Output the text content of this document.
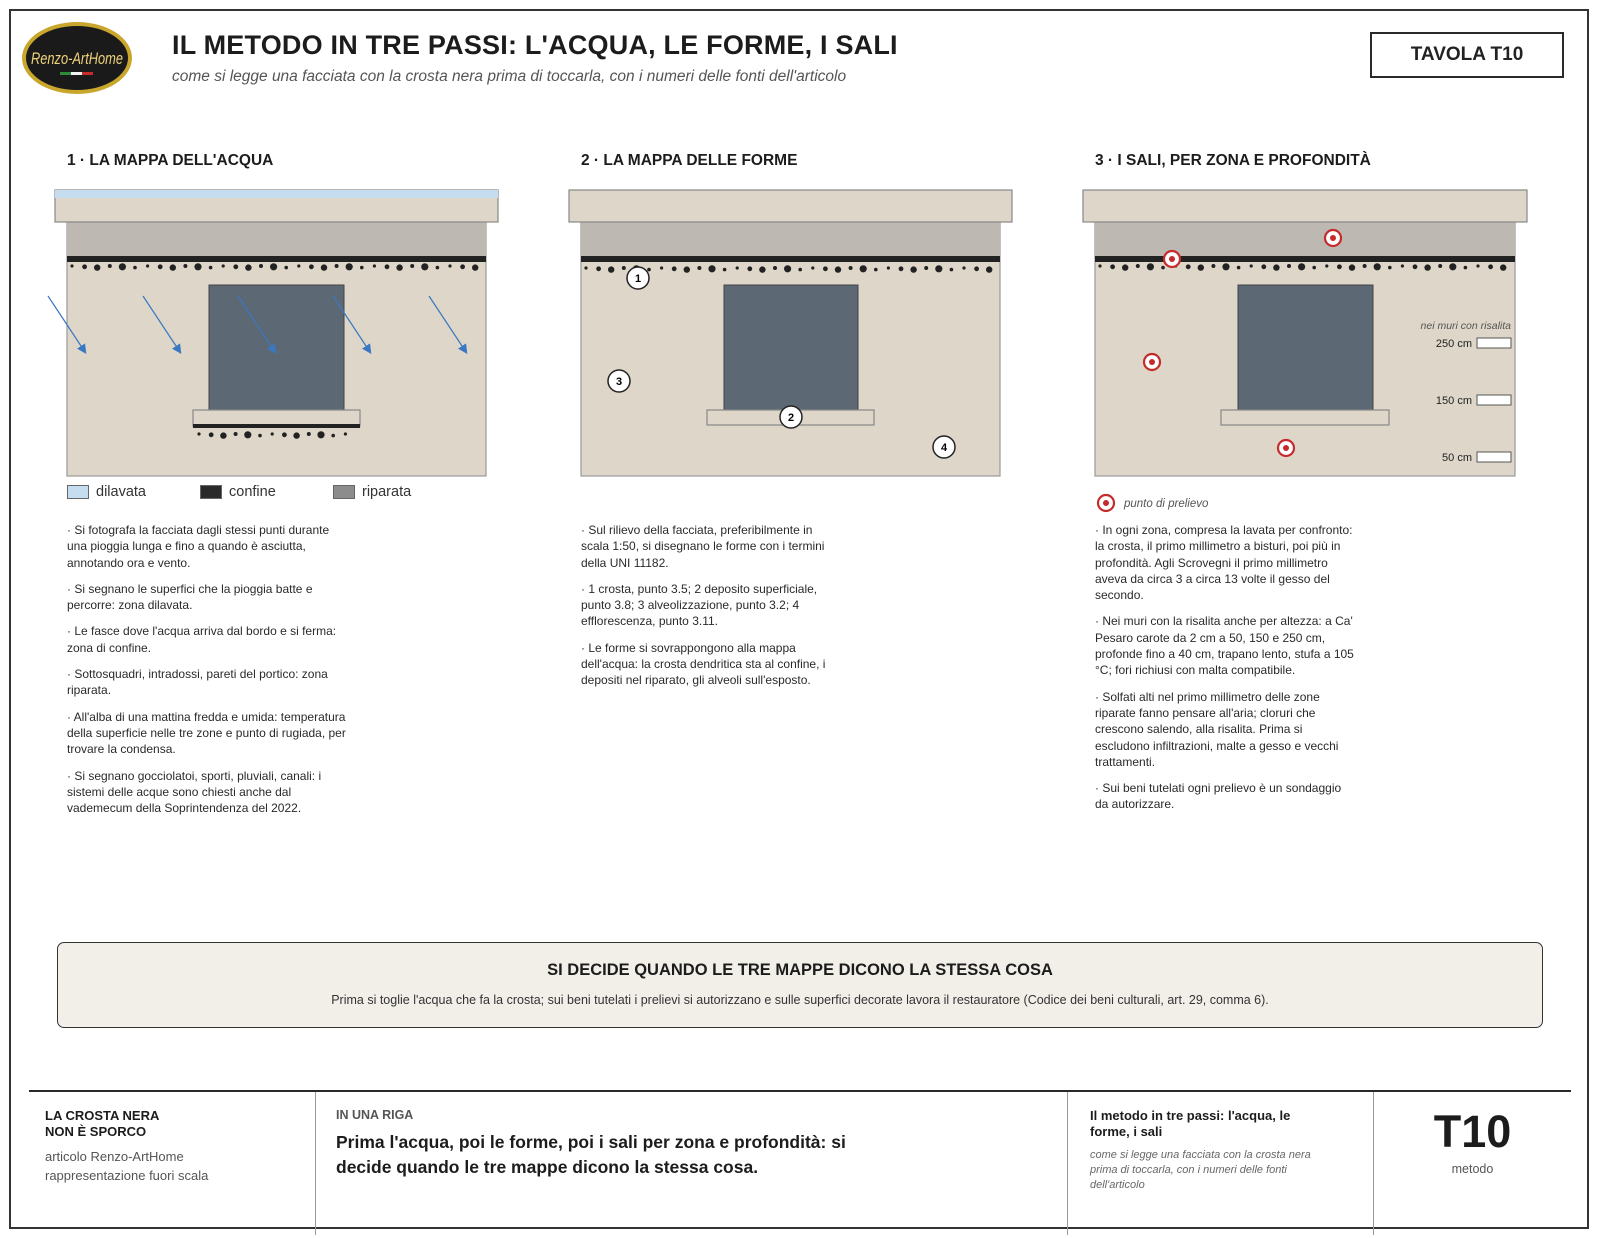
Renzo-ArtHome IL METODO IN TRE PASSI: L'ACQUA, LE FORME, I SALI
come si legge una facciata con la crosta nera prima di toccarla, con i numeri delle fonti dell'articolo
TAVOLA T10
1 · LA MAPPA DELL'ACQUA	2 · LA MAPPA DELLE FORME	3 · I SALI, PER ZONA E PROFONDITÀ
1
2
3
4
nei muri con risalita
250 cm
150 cm
50 cm
punto di prelievo
dilavata	confine	riparata

· Si fotografa la facciata dagli stessi punti durante una pioggia lunga e fino a quando è asciutta, annotando ora e vento.

· Si segnano le superfici che la pioggia batte e percorre: zona dilavata.

· Le fasce dove l'acqua arriva dal bordo e si ferma: zona di confine.

· Sottosquadri, intradossi, pareti del portico: zona riparata.

· All'alba di una mattina fredda e umida: temperatura della superficie nelle tre zone e punto di rugiada, per trovare la condensa.

· Si segnano gocciolatoi, sporti, pluviali, canali: i sistemi delle acque sono chiesti anche dal vademecum della Soprintendenza del 2022.

· Sul rilievo della facciata, preferibilmente in scala 1:50, si disegnano le forme con i termini della UNI 11182.

· 1 crosta, punto 3.5; 2 deposito superficiale, punto 3.8; 3 alveolizzazione, punto 3.2; 4 efflorescenza, punto 3.11.

· Le forme si sovrappongono alla mappa dell'acqua: la crosta dendritica sta al confine, i depositi nel riparato, gli alveoli sull'esposto.

· In ogni zona, compresa la lavata per confronto: la crosta, il primo millimetro a bisturi, poi più in profondità. Agli Scrovegni il primo millimetro aveva da circa 3 a circa 13 volte il gesso del secondo.

· Nei muri con la risalita anche per altezza: a Ca' Pesaro carote da 2 cm a 50, 150 e 250 cm, profonde fino a 40 cm, trapano lento, stufa a 105 °C; fori richiusi con malta compatibile.

· Solfati alti nel primo millimetro delle zone riparate fanno pensare all'aria; cloruri che crescono salendo, alla risalita. Prima si escludono infiltrazioni, malte a gesso e vecchi trattamenti.

· Sui beni tutelati ogni prelievo è un sondaggio da autorizzare.

SI DECIDE QUANDO LE TRE MAPPE DICONO LA STESSA COSA
Prima si toglie l'acqua che fa la crosta; sui beni tutelati i prelievi si autorizzano e sulle superfici decorate lavora il restauratore (Codice dei beni culturali, art. 29, comma 6).
LA CROSTA NERA
NON È SPORCO
articolo Renzo-ArtHome
rappresentazione fuori scala
IN UNA RIGA
Prima l'acqua, poi le forme, poi i sali per zona e profondità: si decide quando le tre mappe dicono la stessa cosa.
Il metodo in tre passi: l'acqua, le forme, i sali
come si legge una facciata con la crosta nera prima di toccarla, con i numeri delle fonti dell'articolo
T10
metodo
